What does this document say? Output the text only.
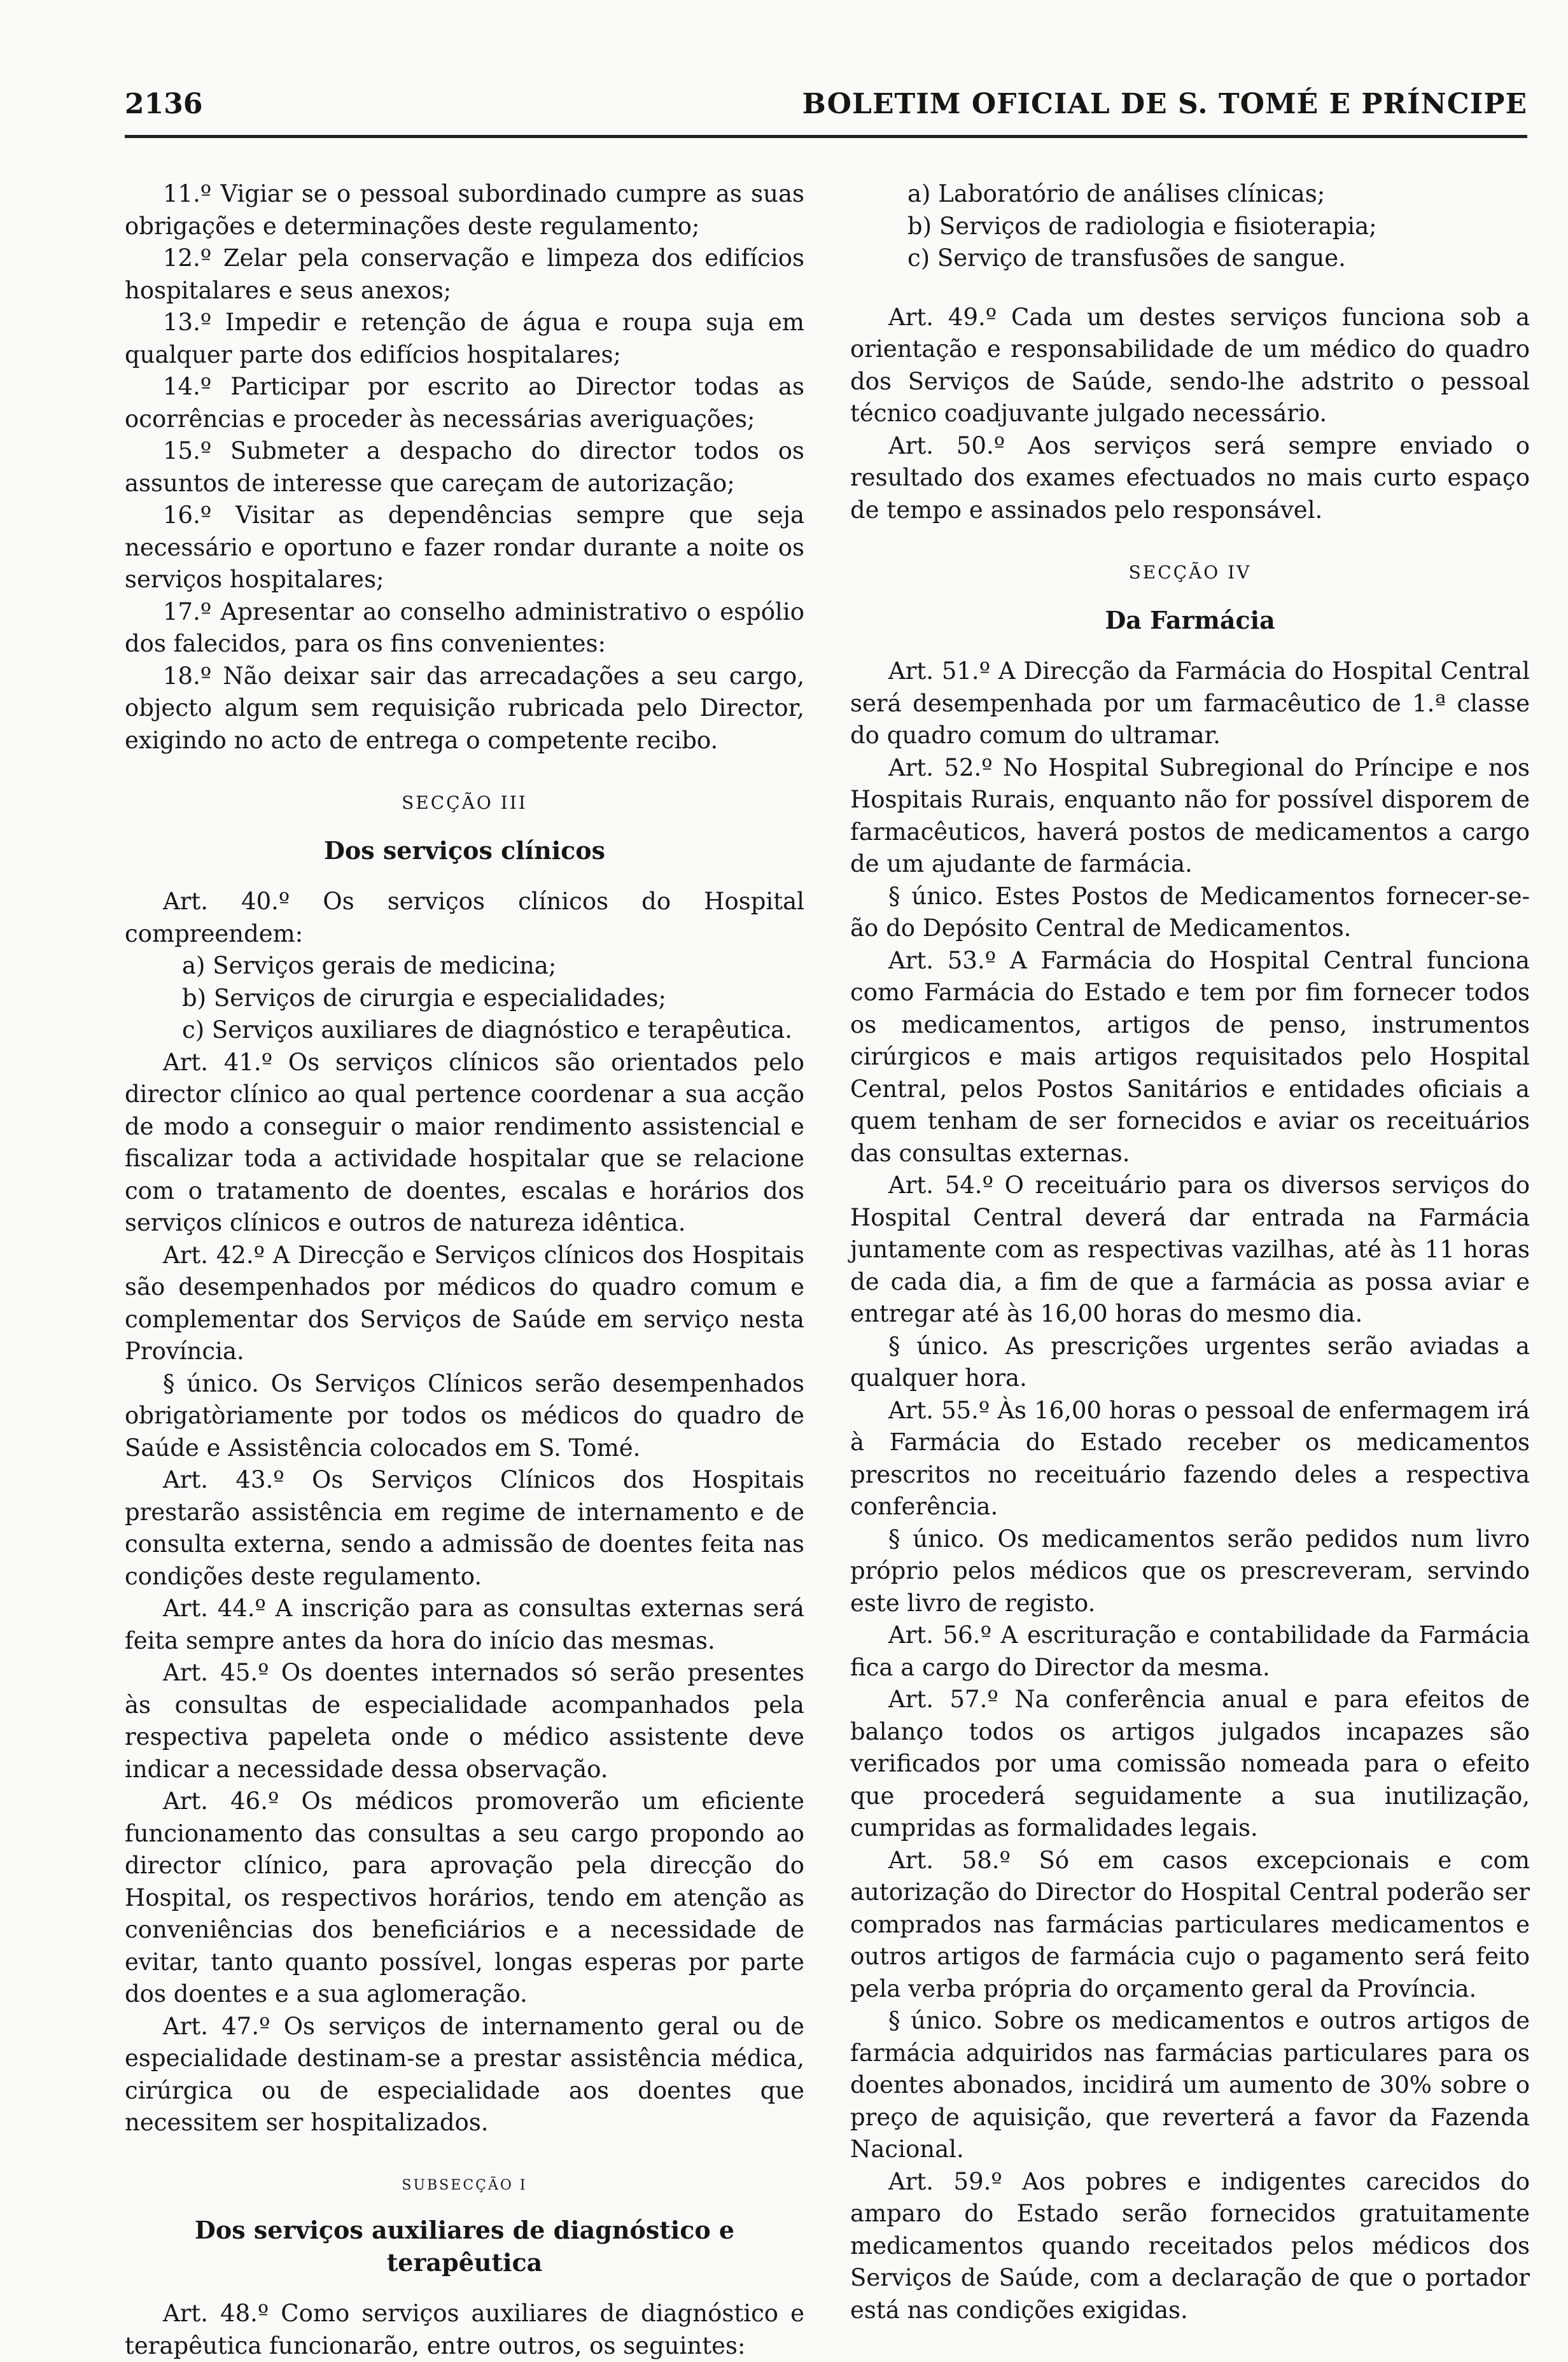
2136	BOLETIM OFICIAL DE S. TOMÉ E PRÍNCIPE

11.º Vigiar se o pessoal subordinado cumpre as suas obrigações e determinações deste regulamento;

12.º Zelar pela conservação e limpeza dos edifícios hospitalares e seus anexos;

13.º Impedir e retenção de água e roupa suja em qualquer parte dos edifícios hospitalares;

14.º Participar por escrito ao Director todas as ocorrências e proceder às necessárias averiguações;

15.º Submeter a despacho do director todos os assuntos de interesse que careçam de autorização;

16.º Visitar as dependências sempre que seja necessário e oportuno e fazer rondar durante a noite os serviços hospitalares;

17.º Apresentar ao conselho administrativo o espólio dos falecidos, para os fins convenientes:

18.º Não deixar sair das arrecadações a seu cargo, objecto algum sem requisição rubricada pelo Director, exigindo no acto de entrega o competente recibo.

SECÇÃO III
Dos serviços clínicos

Art. 40.º Os serviços clínicos do Hospital compreendem:

a) Serviços gerais de medicina;

b) Serviços de cirurgia e especialidades;

c) Serviços auxiliares de diagnóstico e terapêutica.

Art. 41.º Os serviços clínicos são orientados pelo director clínico ao qual pertence coordenar a sua acção de modo a conseguir o maior rendimento assistencial e fiscalizar toda a actividade hospitalar que se relacione com o tratamento de doentes, escalas e horários dos serviços clínicos e outros de natureza idêntica.

Art. 42.º A Direcção e Serviços clínicos dos Hospitais são desempenhados por médicos do quadro comum e complementar dos Serviços de Saúde em serviço nesta Província.

§ único. Os Serviços Clínicos serão desempenhados obrigatòriamente por todos os médicos do quadro de Saúde e Assistência colocados em S. Tomé.

Art. 43.º Os Serviços Clínicos dos Hospitais prestarão assistência em regime de internamento e de consulta externa, sendo a admissão de doentes feita nas condições deste regulamento.

Art. 44.º A inscrição para as consultas externas será feita sempre antes da hora do início das mesmas.

Art. 45.º Os doentes internados só serão presentes às consultas de especialidade acompanhados pela respectiva papeleta onde o médico assistente deve indicar a necessidade dessa observação.

Art. 46.º Os médicos promoverão um eficiente funcionamento das consultas a seu cargo propondo ao director clínico, para aprovação pela direcção do Hospital, os respectivos horários, tendo em atenção as conveniências dos beneficiários e a necessidade de evitar, tanto quanto possível, longas esperas por parte dos doentes e a sua aglomeração.

Art. 47.º Os serviços de internamento geral ou de especialidade destinam-se a prestar assistência médica, cirúrgica ou de especialidade aos doentes que necessitem ser hospitalizados.

SUBSECÇÃO I
Dos serviços auxiliares de diagnóstico e terapêutica

Art. 48.º Como serviços auxiliares de diagnóstico e terapêutica funcionarão, entre outros, os seguintes:

a) Laboratório de análises clínicas;

b) Serviços de radiologia e fisioterapia;

c) Serviço de transfusões de sangue.

Art. 49.º Cada um destes serviços funciona sob a orientação e responsabilidade de um médico do quadro dos Serviços de Saúde, sendo-lhe adstrito o pessoal técnico coadjuvante julgado necessário.

Art. 50.º Aos serviços será sempre enviado o resultado dos exames efectuados no mais curto espaço de tempo e assinados pelo responsável.

SECÇÃO IV
Da Farmácia

Art. 51.º A Direcção da Farmácia do Hospital Central será desempenhada por um farmacêutico de 1.ª classe do quadro comum do ultramar.

Art. 52.º No Hospital Subregional do Príncipe e nos Hospitais Rurais, enquanto não for possível disporem de farmacêuticos, haverá postos de medicamentos a cargo de um ajudante de farmácia.

§ único. Estes Postos de Medicamentos fornecer-se-ão do Depósito Central de Medicamentos.

Art. 53.º A Farmácia do Hospital Central funciona como Farmácia do Estado e tem por fim fornecer todos os medicamentos, artigos de penso, instrumentos cirúrgicos e mais artigos requisitados pelo Hospital Central, pelos Postos Sanitários e entidades oficiais a quem tenham de ser fornecidos e aviar os receituários das consultas externas.

Art. 54.º O receituário para os diversos serviços do Hospital Central deverá dar entrada na Farmácia juntamente com as respectivas vazilhas, até às 11 horas de cada dia, a fim de que a farmácia as possa aviar e entregar até às 16,00 horas do mesmo dia.

§ único. As prescrições urgentes serão aviadas a qualquer hora.

Art. 55.º Às 16,00 horas o pessoal de enfermagem irá à Farmácia do Estado receber os medicamentos prescritos no receituário fazendo deles a respectiva conferência.

§ único. Os medicamentos serão pedidos num livro próprio pelos médicos que os prescreveram, servindo este livro de registo.

Art. 56.º A escrituração e contabilidade da Farmácia fica a cargo do Director da mesma.

Art. 57.º Na conferência anual e para efeitos de balanço todos os artigos julgados incapazes são verificados por uma comissão nomeada para o efeito que procederá seguidamente a sua inutilização, cumpridas as formalidades legais.

Art. 58.º Só em casos excepcionais e com autorização do Director do Hospital Central poderão ser comprados nas farmácias particulares medicamentos e outros artigos de farmácia cujo o pagamento será feito pela verba própria do orçamento geral da Província.

§ único. Sobre os medicamentos e outros artigos de farmácia adquiridos nas farmácias particulares para os doentes abonados, incidirá um aumento de 30% sobre o preço de aquisição, que reverterá a favor da Fazenda Nacional.

Art. 59.º Aos pobres e indigentes carecidos do amparo do Estado serão fornecidos gratuitamente medicamentos quando receitados pelos médicos dos Serviços de Saúde, com a declaração de que o portador está nas condições exigidas.
